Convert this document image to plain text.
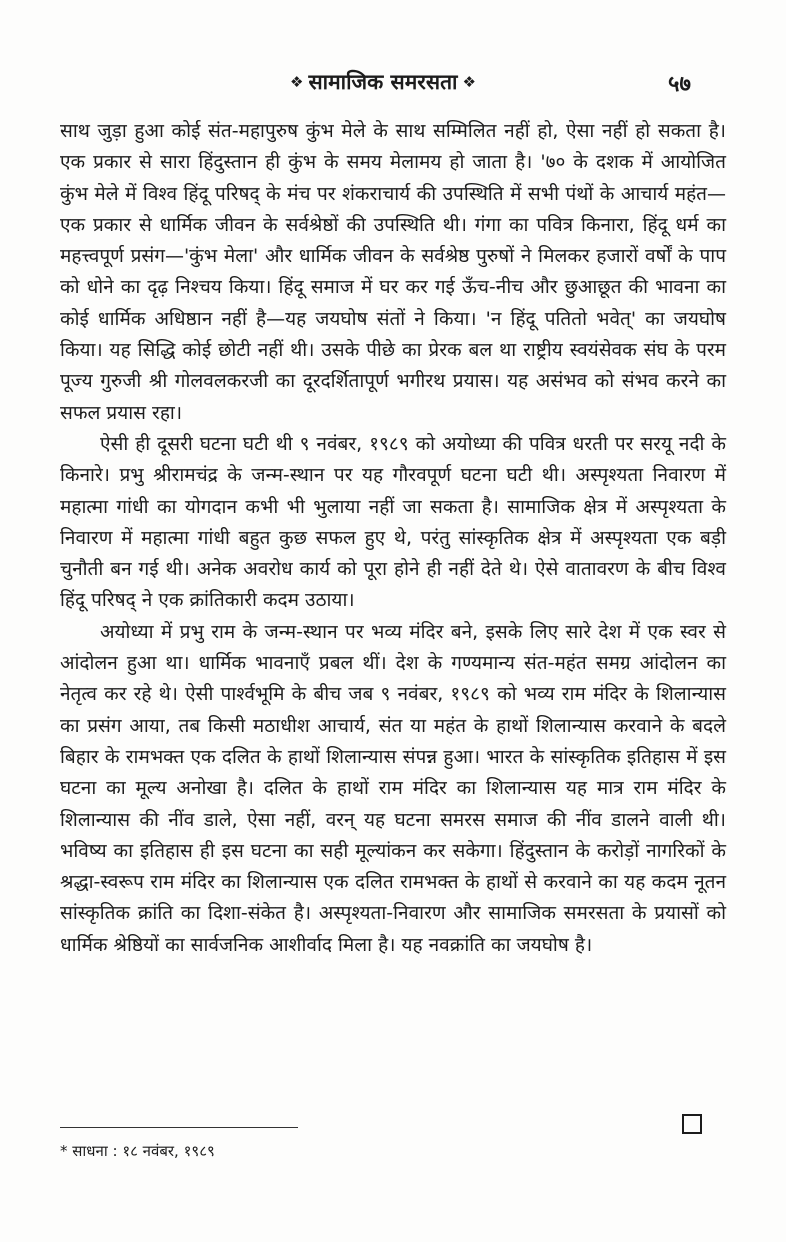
❖ सामाजिक समरसता ❖	५७

साथ जुड़ा हुआ कोई संत-महापुरुष कुंभ मेले के साथ सम्मिलित नहीं हो, ऐसा नहीं हो सकता है। एक प्रकार से सारा हिंदुस्तान ही कुंभ के समय मेलामय हो जाता है। '७० के दशक में आयोजित कुंभ मेले में विश्व हिंदू परिषद् के मंच पर शंकराचार्य की उपस्थिति में सभी पंथों के आचार्य महंत—एक प्रकार से धार्मिक जीवन के सर्वश्रेष्ठों की उपस्थिति थी। गंगा का पवित्र किनारा, हिंदू धर्म का महत्त्वपूर्ण प्रसंग—'कुंभ मेला' और धार्मिक जीवन के सर्वश्रेष्ठ पुरुषों ने मिलकर हजारों वर्षों के पाप को धोने का दृढ़ निश्चय किया। हिंदू समाज में घर कर गई ऊँच-नीच और छुआछूत की भावना का कोई धार्मिक अधिष्ठान नहीं है—यह जयघोष संतों ने किया। 'न हिंदू पतितो भवेत्' का जयघोष किया। यह सिद्धि कोई छोटी नहीं थी। उसके पीछे का प्रेरक बल था राष्ट्रीय स्वयंसेवक संघ के परम पूज्य गुरुजी श्री गोलवलकरजी का दूरदर्शितापूर्ण भगीरथ प्रयास। यह असंभव को संभव करने का सफल प्रयास रहा।

ऐसी ही दूसरी घटना घटी थी ९ नवंबर, १९८९ को अयोध्या की पवित्र धरती पर सरयू नदी के किनारे। प्रभु श्रीरामचंद्र के जन्म-स्थान पर यह गौरवपूर्ण घटना घटी थी। अस्पृश्यता निवारण में महात्मा गांधी का योगदान कभी भी भुलाया नहीं जा सकता है। सामाजिक क्षेत्र में अस्पृश्यता के निवारण में महात्मा गांधी बहुत कुछ सफल हुए थे, परंतु सांस्कृतिक क्षेत्र में अस्पृश्यता एक बड़ी चुनौती बन गई थी। अनेक अवरोध कार्य को पूरा होने ही नहीं देते थे। ऐसे वातावरण के बीच विश्व हिंदू परिषद् ने एक क्रांतिकारी कदम उठाया।

अयोध्या में प्रभु राम के जन्म-स्थान पर भव्य मंदिर बने, इसके लिए सारे देश में एक स्वर से आंदोलन हुआ था। धार्मिक भावनाएँ प्रबल थीं। देश के गण्यमान्य संत-महंत समग्र आंदोलन का नेतृत्व कर रहे थे। ऐसी पार्श्वभूमि के बीच जब ९ नवंबर, १९८९ को भव्य राम मंदिर के शिलान्यास का प्रसंग आया, तब किसी मठाधीश आचार्य, संत या महंत के हाथों शिलान्यास करवाने के बदले बिहार के रामभक्त एक दलित के हाथों शिलान्यास संपन्न हुआ। भारत के सांस्कृतिक इतिहास में इस घटना का मूल्य अनोखा है। दलित के हाथों राम मंदिर का शिलान्यास यह मात्र राम मंदिर के शिलान्यास की नींव डाले, ऐसा नहीं, वरन् यह घटना समरस समाज की नींव डालने वाली थी। भविष्य का इतिहास ही इस घटना का सही मूल्यांकन कर सकेगा। हिंदुस्तान के करोड़ों नागरिकों के श्रद्धा-स्वरूप राम मंदिर का शिलान्यास एक दलित रामभक्त के हाथों से करवाने का यह कदम नूतन सांस्कृतिक क्रांति का दिशा-संकेत है। अस्पृश्यता-निवारण और सामाजिक समरसता के प्रयासों को धार्मिक श्रेष्ठियों का सार्वजनिक आशीर्वाद मिला है। यह नवक्रांति का जयघोष है।

* साधना : १८ नवंबर, १९८९
